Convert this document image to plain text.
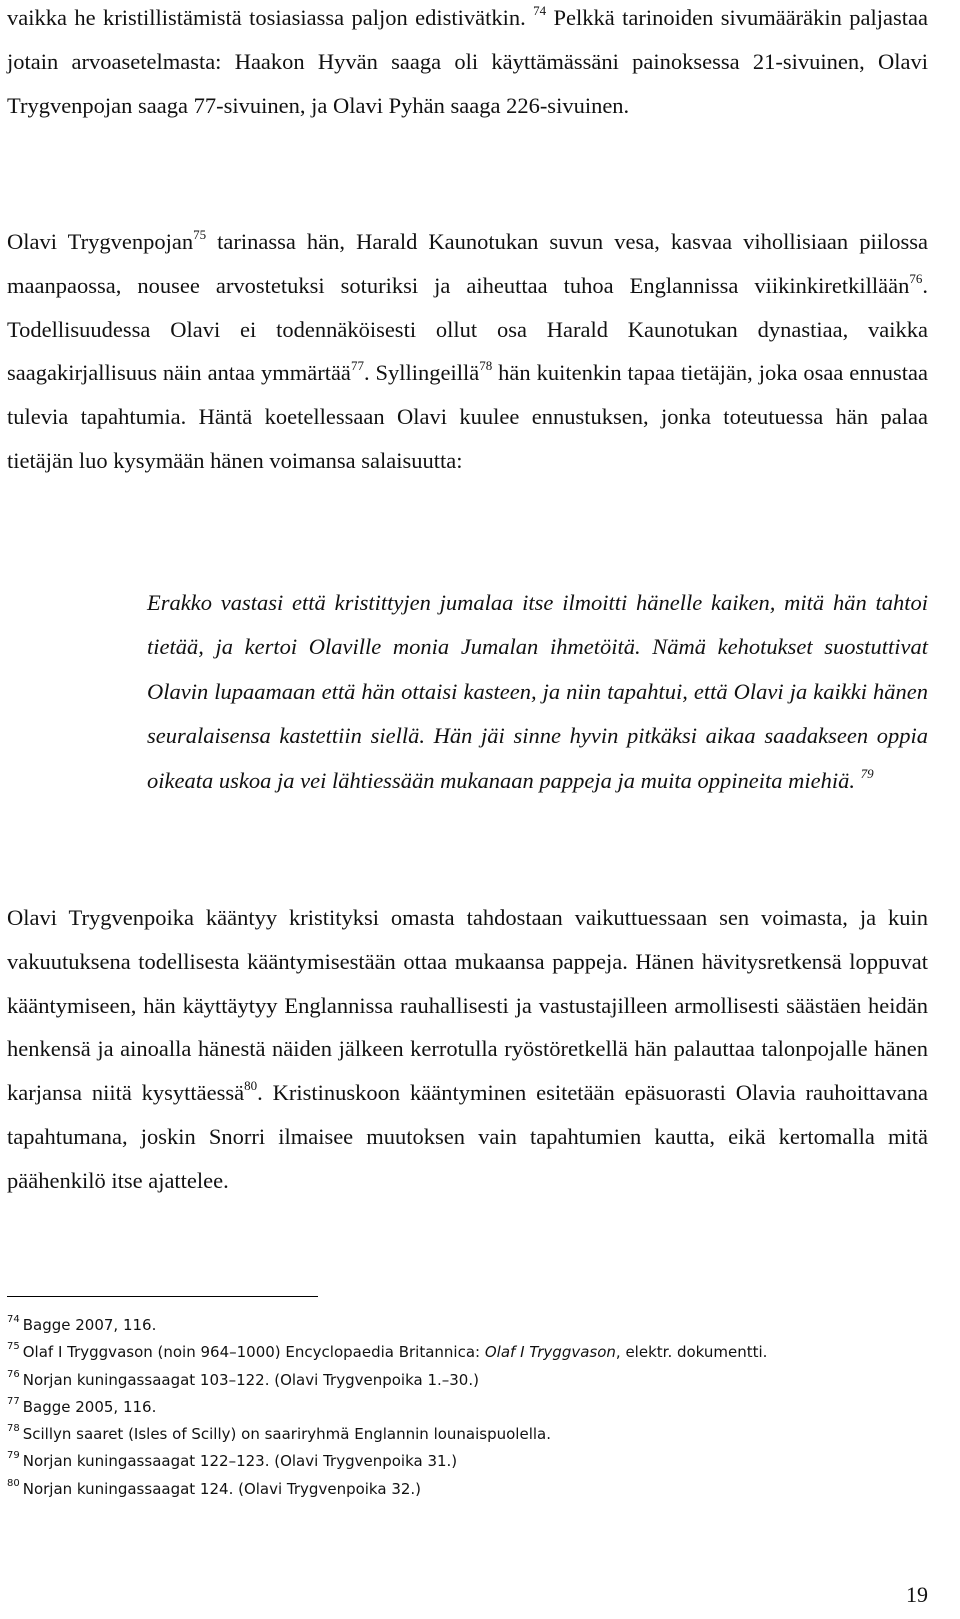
vaikka he kristillistämistä tosiasiassa paljon edistivätkin. $^{74}$ Pelkkä tarinoiden sivumääräkin paljastaa jotain arvoasetelmasta: Haakon Hyvän saaga oli käyttämässäni painoksessa 21-sivuinen, Olavi Trygvenpojan saaga 77-sivuinen, ja Olavi Pyhän saaga 226-sivuinen.

Olavi Trygvenpojan$^{75}$ tarinassa hän, Harald Kaunotukan suvun vesa, kasvaa vihollisiaan piilossa maanpaossa, nousee arvostetuksi soturiksi ja aiheuttaa tuhoa Englannissa viikinkiretkillään$^{76}$. Todellisuudessa Olavi ei todennäköisesti ollut osa Harald Kaunotukan dynastiaa, vaikka saagakirjallisuus näin antaa ymmärtää$^{77}$. Syllingeillä$^{78}$ hän kuitenkin tapaa tietäjän, joka osaa ennustaa tulevia tapahtumia. Häntä koetellessaan Olavi kuulee ennustuksen, jonka toteutuessa hän palaa tietäjän luo kysymään hänen voimansa salaisuutta:

Erakko vastasi että kristittyjen jumalaa itse ilmoitti hänelle kaiken, mitä hän tahtoi tietää, ja kertoi Olaville monia Jumalan ihmetöitä. Nämä kehotukset suostuttivat Olavin lupaamaan että hän ottaisi kasteen, ja niin tapahtui, että Olavi ja kaikki hänen seuralaisensa kastettiin siellä. Hän jäi sinne hyvin pitkäksi aikaa saadakseen oppia oikeata uskoa ja vei lähtiessään mukanaan pappeja ja muita oppineita miehiä. $^{79}$

Olavi Trygvenpoika kääntyy kristityksi omasta tahdostaan vaikuttuessaan sen voimasta, ja kuin vakuutuksena todellisesta kääntymisestään ottaa mukaansa pappeja. Hänen hävitysretkensä loppuvat kääntymiseen, hän käyttäytyy Englannissa rauhallisesti ja vastustajilleen armollisesti säästäen heidän henkensä ja ainoalla hänestä näiden jälkeen kerrotulla ryöstöretkellä hän palauttaa talonpojalle hänen karjansa niitä kysyttäessä$^{80}$. Kristinuskoon kääntyminen esitetään epäsuorasti Olavia rauhoittavana tapahtumana, joskin Snorri ilmaisee muutoksen vain tapahtumien kautta, eikä kertomalla mitä päähenkilö itse ajattelee.

$^{74}$ Bagge 2007, 116.
$^{75}$ Olaf I Tryggvason (noin 964–1000) Encyclopaedia Britannica: Olaf I Tryggvason, elektr. dokumentti.
$^{76}$ Norjan kuningassaagat 103–122. (Olavi Trygvenpoika 1.–30.)
$^{77}$ Bagge 2005, 116.
$^{78}$ Scillyn saaret (Isles of Scilly) on saariryhmä Englannin lounaispuolella.
$^{79}$ Norjan kuningassaagat 122–123. (Olavi Trygvenpoika 31.)
$^{80}$ Norjan kuningassaagat 124. (Olavi Trygvenpoika 32.)
19
